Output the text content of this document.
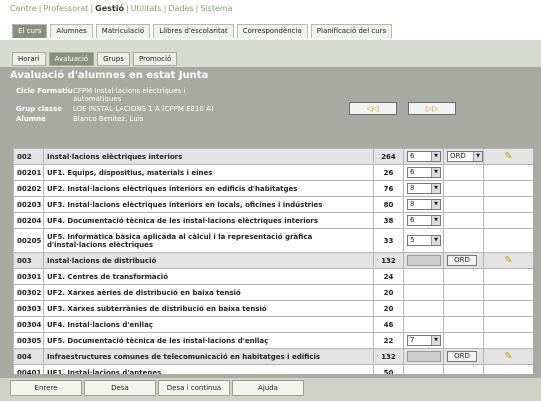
Centre | Professorat | Gestió | Utilitats | Dades | Sistema
El curs	Alumnes	Matriculació	Llibres d'escolaritat	Correspondència	Planificació del curs
Horari	Avaluació	Grups	Promoció
Avaluació d'alumnes en estat Junta
Cicle Formatiu CFPM Instal·lacions elèctriques i automàtiques
Grup classe	LOE INSTAL·LACIONS 1 A (CFPM EE10 A)
Alumne	Blanco Benitez, Luis
◁◁	▷▷
002	Instal·lacions elèctriques interiors	264	6 ▼	ORD ▼	✎
00201	UF1. Equips, dispositius, materials i eines	26	6 ▼		

00202	UF2. Instal·lacions elèctriques interiors en edificis d'habitatges	76	8 ▼		

00203	UF3. Instal·lacions elèctriques interiors en locals, oficines i indústries	80	8 ▼		

00204	UF4. Documentació tècnica de les instal·lacions elèctriques interiors	38	6 ▼		

00205	UF5. Informàtica bàsica aplicada al càlcul i la representació gràfica d'instal·lacions elèctriques	33	5 ▼		

003	Instal·lacions de distribució	132		ORD	✎
00301	UF1. Centres de transformació	24			
00302	UF2. Xarxes aèries de distribució en baixa tensió	20			
00303	UF3. Xarxes subterrànies de distribució en baixa tensió	20			
00304	UF4. Instal·lacions d'enllaç	46			
00305	UF5. Documentació tècnica de les instal·lacions d'enllaç	22	7 ▼		

004	Infraestructures comunes de telecomunicació en habitatges i edificis	132		ORD	✎
00401	UF1. Instal·lacions d'antenes	50			
Enrere	Desa	Desa i continua	Ajuda
